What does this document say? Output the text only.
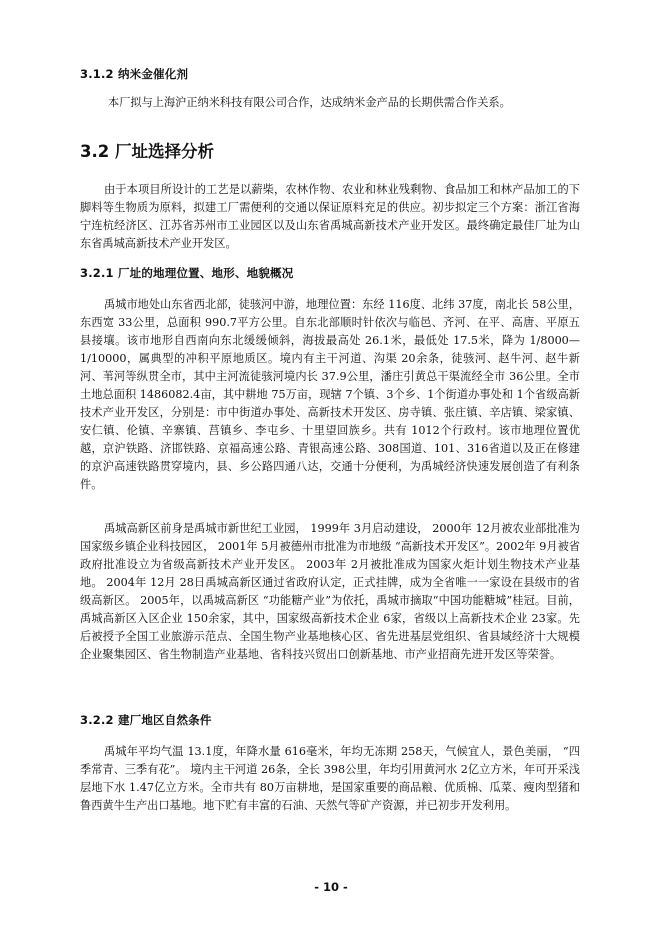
3.1.2 纳米金催化剂

本厂拟与上海沪正纳米科技有限公司合作，达成纳米金产品的长期供需合作关系。

3.2 厂址选择分析

由于本项目所设计的工艺是以薪柴，农林作物、农业和林业残剩物、食品加工和林产品加工的下脚料等生物质为原料，拟建工厂需便利的交通以保证原料充足的供应。初步拟定三个方案：浙江省海宁连杭经济区、江苏省苏州市工业园区以及山东省禹城高新技术产业开发区。最终确定最佳厂址为山东省禹城高新技术产业开发区。

3.2.1 厂址的地理位置、地形、地貌概况

禹城市地处山东省西北部，徒骇河中游，地理位置：东经 116度、北纬 37度，南北长 58公里，东西宽 33公里，总面积 990.7平方公里。自东北部顺时针依次与临邑、齐河、在平、高唐、平原五县接壤。该市地形自西南向东北缓缓倾斜，海拔最高处 26.1米，最低处 17.5米，降为 1/8000—1/10000，属典型的冲积平原地质区。境内有主干河道、沟渠 20余条，徒骇河、赵牛河、赵牛新河、苇河等纵贯全市，其中主河流徒骇河境内长 37.9公里，潘庄引黄总干渠流经全市 36公里。全市土地总面积 1486082.4亩，其中耕地 75万亩，现辖 7个镇、3个乡、1个街道办事处和 1个省级高新技术产业开发区，分别是：市中街道办事处、高新技术开发区、房寺镇、张庄镇、辛店镇、梁家镇、安仁镇、伦镇、辛寨镇、莒镇乡、李屯乡、十里望回族乡。共有 1012个行政村。该市地理位置优越，京沪铁路、济邯铁路、京福高速公路、青银高速公路、308国道、101、316省道以及正在修建的京沪高速铁路贯穿境内，县、乡公路四通八达，交通十分便利，为禹城经济快速发展创造了有利条件。

禹城高新区前身是禹城市新世纪工业园， 1999年 3月启动建设， 2000年 12月被农业部批准为国家级乡镇企业科技园区， 2001年 5月被德州市批准为市地级 “高新技术开发区”。2002年 9月被省政府批准设立为省级高新技术产业开发区。 2003年 2月被批准成为国家火炬计划生物技术产业基地。 2004年 12月 28日禹城高新区通过省政府认定，正式挂牌，成为全省唯一一家设在县级市的省级高新区。 2005年，以禹城高新区 “功能糖产业”为依托，禹城市摘取“中国功能糖城”桂冠。目前，禹城高新区入区企业 150余家，其中，国家级高新技术企业 6家，省级以上高新技术企业 23家。先后被授予全国工业旅游示范点、全国生物产业基地核心区、省先进基层党组织、省县域经济十大规模企业聚集园区、省生物制造产业基地、省科技兴贸出口创新基地、市产业招商先进开发区等荣誉。

3.2.2 建厂地区自然条件

禹城年平均气温 13.1度，年降水量 616毫米，年均无冻期 258天，气候宜人，景色美丽， “四季常青、三季有花”。 境内主干河道 26条，全长 398公里，年均引用黄河水 2亿立方米，年可开采浅层地下水 1.47亿立方米。全市共有 80万亩耕地，是国家重要的商品粮、优质棉、瓜菜、瘦肉型猪和鲁西黄牛生产出口基地。地下贮有丰富的石油、天然气等矿产资源，并已初步开发利用。

- 10 -
